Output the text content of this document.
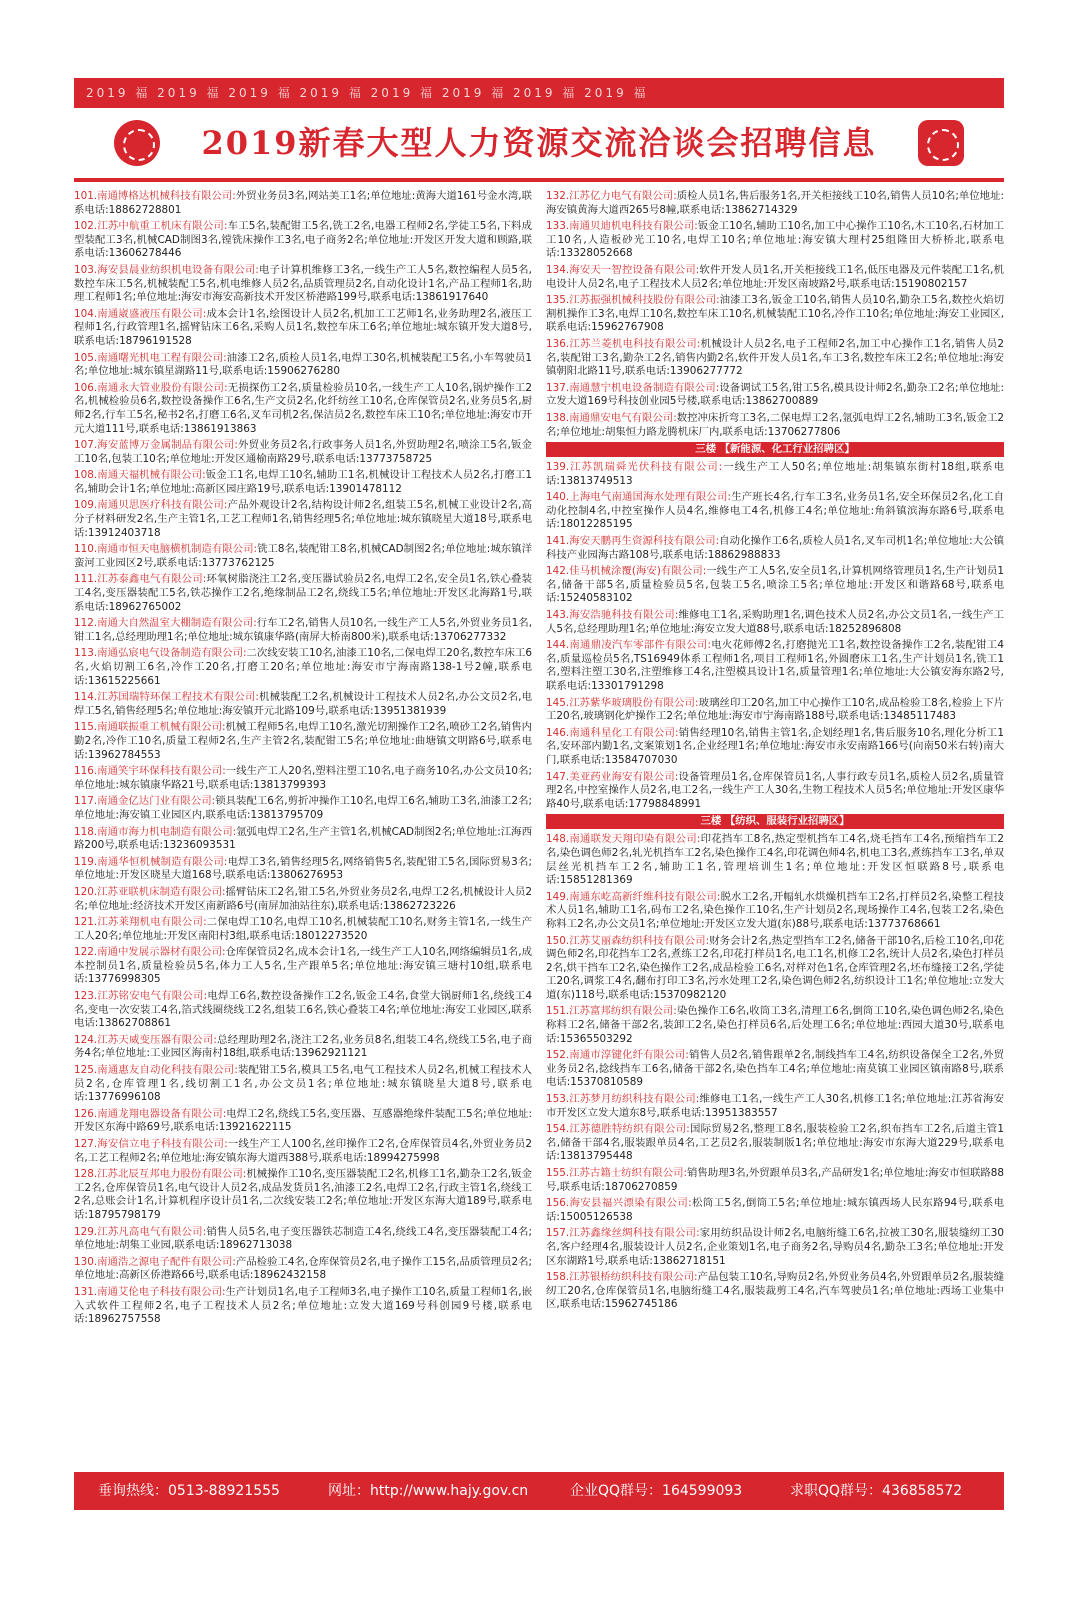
2019 福 2019 福 2019 福 2019 福 2019 福 2019 福 2019 福 2019 福
2019新春大型人力资源交流洽谈会招聘信息
101.南通博格达机械科技有限公司:外贸业务员3名,网站美工1名;单位地址:黄海大道161号金水湾,联系电话:18862728801
102.江苏中航重工机床有限公司:车工5名,装配钳工5名,铣工2名,电器工程师2名,学徒工5名,下料成型装配工3名,机械CAD制图3名,镗铣床操作工3名,电子商务2名;单位地址:开发区开发大道和顾路,联系电话:13606278446
103.海安县晨业纺织机电设备有限公司:电子计算机维修工3名,一线生产工人5名,数控编程人员5名,数控车床工5名,机械装配工5名,机电维修人员2名,品质管理员2名,自动化设计1名,产品工程师1名,助理工程师1名;单位地址:海安市海安高新技术开发区桥港路199号,联系电话:13861917640
104.南通崴盛液压有限公司:成本会计1名,绘图设计人员2名,机加工工艺师1名,业务助理2名,液压工程师1名,行政管理1名,摇臂钻床工6名,采购人员1名,数控车床工6名;单位地址:城东镇开发大道8号,联系电话:18796191528
105.南通曙光机电工程有限公司:油漆工2名,质检人员1名,电焊工30名,机械装配工5名,小车驾驶员1名;单位地址:城东镇星湖路11号,联系电话:15906276280
106.南通永大管业股份有限公司:无损探伤工2名,质量检验员10名,一线生产工人10名,锅炉操作工2名,机械检验员6名,数控设备操作工6名,生产文员2名,化纤纺丝工10名,仓库保管员2名,业务员5名,厨师2名,行车工5名,秘书2名,打磨工6名,叉车司机2名,保洁员2名,数控车床工10名;单位地址:海安市开元大道111号,联系电话:13861913863
107.海安蓝博万金属制品有限公司:外贸业务员2名,行政事务人员1名,外贸助理2名,喷涂工5名,钣金工10名,包装工10名;单位地址:开发区通榆南路29号,联系电话:13773758725
108.南通天福机械有限公司:钣金工1名,电焊工10名,辅助工1名,机械设计工程技术人员2名,打磨工1名,辅助会计1名;单位地址:高新区园庄路19号,联系电话:13901478112
109.南通贝思医疗科技有限公司:产品外观设计2名,结构设计师2名,组装工5名,机械工业设计2名,高分子材料研发2名,生产主管1名,工艺工程师1名,销售经理5名;单位地址:城东镇晓星大道18号,联系电话:13912403718
110.南通市恒天电脑横机制造有限公司:铣工8名,装配钳工8名,机械CAD制图2名;单位地址:城东镇洋蛮河工业园区2号,联系电话:13773762125
111.江苏泰鑫电气有限公司:环氧树脂浇注工2名,变压器试验员2名,电焊工2名,安全员1名,铁心叠装工4名,变压器装配工5名,铁芯操作工2名,绝缘制品工2名,绕线工5名;单位地址:开发区北海路1号,联系电话:18962765002
112.南通大自然温室大棚制造有限公司:行车工2名,销售人员10名,一线生产工人5名,外贸业务员1名,钳工1名,总经理助理1名;单位地址:城东镇康华路(南屏大桥南800米),联系电话:13706277332
113.南通弘宸电气设备制造有限公司:二次线安装工10名,油漆工10名,二保电焊工20名,数控车床工6名,火焰切割工6名,冷作工20名,打磨工20名;单位地址:海安市宁海南路138-1号2幢,联系电话:13615225661
114.江苏国瑞特环保工程技术有限公司:机械装配工2名,机械设计工程技术人员2名,办公文员2名,电焊工5名,销售经理5名;单位地址:海安镇开元北路109号,联系电话:13951381939
115.南通联振重工机械有限公司:机械工程师5名,电焊工10名,激光切割操作工2名,喷砂工2名,销售内勤2名,冷作工10名,质量工程师2名,生产主管2名,装配钳工5名;单位地址:曲塘镇文明路6号,联系电话:13962784553
116.南通笑宇环保科技有限公司:一线生产工人20名,塑料注塑工10名,电子商务10名,办公文员10名;单位地址:城东镇康华路21号,联系电话:13813799393
117.南通金亿达门业有限公司:锁具装配工6名,剪折冲操作工10名,电焊工6名,辅助工3名,油漆工2名;单位地址:海安镇工业园区内,联系电话:13813795709
118.南通市海力机电制造有限公司:氩弧电焊工2名,生产主管1名,机械CAD制图2名;单位地址:江海西路200号,联系电话:13236093531
119.南通华恒机械制造有限公司:电焊工3名,销售经理5名,网络销售5名,装配钳工5名,国际贸易3名;单位地址:开发区晓星大道168号,联系电话:13806276953
120.江苏亚联机床制造有限公司:摇臂钻床工2名,钳工5名,外贸业务员2名,电焊工2名,机械设计人员2名;单位地址:经济技术开发区南新路6号(南屏加油站往东),联系电话:13862723226
121.江苏莱翔机电有限公司:二保电焊工10名,电焊工10名,机械装配工10名,财务主管1名,一线生产工人20名;单位地址:开发区南阳村3组,联系电话:18012273520
122.南通中发展示器材有限公司:仓库保管员2名,成本会计1名,一线生产工人10名,网络编辑员1名,成本控制员1名,质量检验员5名,体力工人5名,生产跟单5名;单位地址:海安镇三塘村10组,联系电话:13776998305
123.江苏铭安电气有限公司:电焊工6名,数控设备操作工2名,钣金工4名,食堂大锅厨师1名,绕线工4名,变电一次安装工4名,箔式线圈绕线工2名,组装工6名,铁心叠装工4名;单位地址:海安工业园区,联系电话:13862708861
124.江苏天威变压器有限公司:总经理助理2名,浇注工2名,业务员8名,组装工4名,绕线工5名,电子商务4名;单位地址:工业园区海南村18组,联系电话:13962921121
125.南通惠友自动化科技有限公司:装配钳工5名,模具工5名,电气工程技术人员2名,机械工程技术人员2名,仓库管理1名,线切割工1名,办公文员1名;单位地址:城东镇晓星大道8号,联系电话:13776996108
126.南通龙翔电器设备有限公司:电焊工2名,绕线工5名,变压器、互感器绝缘件装配工5名;单位地址:开发区东海中路69号,联系电话:13921622115
127.海安信立电子科技有限公司:一线生产工人100名,丝印操作工2名,仓库保管员4名,外贸业务员2名,工艺工程师2名;单位地址:海安镇东海大道西388号,联系电话:18994275998
128.江苏北辰互邦电力股份有限公司:机械操作工10名,变压器装配工2名,机修工1名,勤杂工2名,钣金工2名,仓库保管员1名,电气设计人员2名,成品发货员1名,油漆工2名,电焊工2名,行政主管1名,绕线工2名,总账会计1名,计算机程序设计员1名,二次线安装工2名;单位地址:开发区东海大道189号,联系电话:18795798179
129.江苏凡高电气有限公司:销售人员5名,电子变压器铁芯制造工4名,绕线工4名,变压器装配工4名;单位地址:胡集工业园,联系电话:18962713038
130.南通浩之源电子配件有限公司:产品检验工4名,仓库保管员2名,电子操作工15名,品质管理员2名;单位地址:高新区侨港路66号,联系电话:18962432158
131.南通艾伦电子科技有限公司:生产计划员1名,电子工程师3名,电子操作工10名,质量工程师1名,嵌入式软件工程师2名,电子工程技术人员2名;单位地址:立发大道169号科创园9号楼,联系电话:18962757558
132.江苏亿力电气有限公司:质检人员1名,售后服务1名,开关柜接线工10名,销售人员10名;单位地址:海安镇黄海大道西265号8幢,联系电话:13862714329
133.南通贝迪机电科技有限公司:钣金工10名,辅助工10名,加工中心操作工10名,木工10名,石材加工工10名,人造板砂光工10名,电焊工10名;单位地址:海安镇大理村25组隆田大桥桥北,联系电话:13328052668
134.海安天一智控设备有限公司:软件开发人员1名,开关柜接线工1名,低压电器及元件装配工1名,机电设计人员2名,电子工程技术人员2名;单位地址:开发区南坡路2号,联系电话:15190802157
135.江苏振强机械科技股份有限公司:油漆工3名,钣金工10名,销售人员10名,勤杂工5名,数控火焰切割机操作工3名,电焊工10名,数控车床工10名,机械装配工10名,冷作工10名;单位地址:海安工业园区,联系电话:15962767908
136.江苏兰菱机电科技有限公司:机械设计人员2名,电子工程师2名,加工中心操作工1名,销售人员2名,装配钳工3名,勤杂工2名,销售内勤2名,软件开发人员1名,车工3名,数控车床工2名;单位地址:海安镇朝阳北路11号,联系电话:13906277772
137.南通慧宁机电设备制造有限公司:设备调试工5名,钳工5名,模具设计师2名,勤杂工2名;单位地址:立发大道169号科技创业园5号楼,联系电话:13862700889
138.南通鼎安电气有限公司:数控冲床折弯工3名,二保电焊工2名,氩弧电焊工2名,辅助工3名,钣金工2名;单位地址:胡集恒力路龙腾机床厂内,联系电话:13706277806
三楼 【新能源、化工行业招聘区】
139.江苏凯瑞舜光伏科技有限公司:一线生产工人50名;单位地址:胡集镇东街村18组,联系电话:13813749513
140.上海电气南通国海水处理有限公司:生产班长4名,行车工3名,业务员1名,安全环保员2名,化工自动化控制4名,中控室操作人员4名,维修电工4名,机修工4名;单位地址:角斜镇滨海东路6号,联系电话:18012285195
141.海安天鹏再生资源科技有限公司:自动化操作工6名,质检人员1名,叉车司机1名;单位地址:大公镇科技产业园海古路108号,联系电话:18862988833
142.佳马机械涂覆(海安)有限公司:一线生产工人5名,安全员1名,计算机网络管理员1名,生产计划员1名,储备干部5名,质量检验员5名,包装工5名,喷涂工5名;单位地址:开发区和谐路68号,联系电话:15240583102
143.海安浩驰科技有限公司:维修电工1名,采购助理1名,调色技术人员2名,办公文员1名,一线生产工人5名,总经理助理1名;单位地址:海安立发大道88号,联系电话:18252896808
144.南通鼎凌汽车零部件有限公司:电火花师傅2名,打磨抛光工1名,数控设备操作工2名,装配钳工4名,质量巡检员5名,TS16949体系工程师1名,项目工程师1名,外圆磨床工1名,生产计划员1名,铣工1名,塑料注塑工30名,注塑维修工4名,注塑模具设计1名,质量管理1名;单位地址:大公镇安海东路2号,联系电话:13301791298
145.江苏紫华玻璃股份有限公司:玻璃丝印工20名,加工中心操作工10名,成品检验工8名,检验上下片工20名,玻璃钢化炉操作工2名;单位地址:海安市宁海南路188号,联系电话:13485117483
146.南通科星化工有限公司:销售经理10名,销售主管1名,企划经理1名,售后服务10名,理化分析工1名,安环部内勤1名,文案策划1名,企业经理1名;单位地址:海安市永安南路166号(向南50米右转)南大门,联系电话:13584707030
147.美亚药业海安有限公司:设备管理员1名,仓库保管员1名,人事行政专员1名,质检人员2名,质量管理2名,中控室操作人员2名,电工2名,一线生产工人30名,生物工程技术人员5名;单位地址:开发区康华路40号,联系电话:17798848991
三楼 【纺织、服装行业招聘区】
148.南通联发天翔印染有限公司:印花挡车工8名,热定型机挡车工4名,烧毛挡车工4名,预缩挡车工2名,染色调色师2名,轧光机挡车工2名,染色操作工4名,印花调色师4名,机电工3名,煮练挡车工3名,单双层丝光机挡车工2名,辅助工1名,管理培训生1名;单位地址:开发区恒联路8号,联系电话:15851281369
149.南通东屹高新纤维科技有限公司:脱水工2名,开幅轧水烘燥机挡车工2名,打样员2名,染整工程技术人员1名,辅助工1名,码布工2名,染色操作工10名,生产计划员2名,现场操作工4名,包装工2名,染色称料工2名,办公文员1名;单位地址:开发区立发大道(东)88号,联系电话:13773768661
150.江苏艾丽森纺织科技有限公司:财务会计2名,热定型挡车工2名,储备干部10名,后检工10名,印花调色师2名,印花挡车工2名,煮练工2名,印花打样员1名,电工1名,机修工2名,统计人员2名,染色打样员2名,烘干挡车工2名,染色操作工2名,成品检验工6名,对样对色1名,仓库管理2名,坯布缝接工2名,学徒工20名,调浆工4名,翻布打印工3名,污水处理工2名,染色调色师2名,纺织设计工1名;单位地址:立发大道(东)118号,联系电话:15370982120
151.江苏富邦纺织有限公司:染色操作工6名,收筒工3名,清理工6名,倒筒工10名,染色调色师2名,染色称料工2名,储备干部2名,装卸工2名,染色打样员6名,后处理工6名;单位地址:西园大道30号,联系电话:15365503292
152.南通市淳键化纤有限公司:销售人员2名,销售跟单2名,制线挡车工4名,纺织设备保全工2名,外贸业务员2名,捻线挡车工6名,储备干部2名,染色挡车工4名;单位地址:南莫镇工业园区镇南路8号,联系电话:15370810589
153.江苏梦月纺织科技有限公司:维修电工1名,一线生产工人30名,机修工1名;单位地址:江苏省海安市开发区立发大道东8号,联系电话:13951383557
154.江苏德胜特纺织有限公司:国际贸易2名,整理工8名,服装检验工2名,织布挡车工2名,后道主管1名,储备干部4名,服装跟单员4名,工艺员2名,服装制版1名;单位地址:海安市东海大道229号,联系电话:13813795448
155.江苏古籍士纺织有限公司:销售助理3名,外贸跟单员3名,产品研发1名;单位地址:海安市恒联路88号,联系电话:18706270859
156.海安县福兴漂染有限公司:松筒工5名,倒筒工5名;单位地址:城东镇西场人民东路94号,联系电话:15005126538
157.江苏鑫缘丝绸科技有限公司:家用纺织品设计师2名,电脑绗缝工6名,拉被工30名,服装缝纫工30名,客户经理4名,服装设计人员2名,企业策划1名,电子商务2名,导购员4名,勤杂工3名;单位地址:开发区东湖路1号,联系电话:13862718151
158.江苏银桥纺织科技有限公司:产品包装工10名,导购员2名,外贸业务员4名,外贸跟单员2名,服装缝纫工20名,仓库保管员1名,电脑绗缝工4名,服装裁剪工4名,汽车驾驶员1名;单位地址:西场工业集中区,联系电话:15962745186
垂询热线：0513-88921555	网址：http://www.hajy.gov.cn	企业QQ群号：164599093	求职QQ群号：436858572
